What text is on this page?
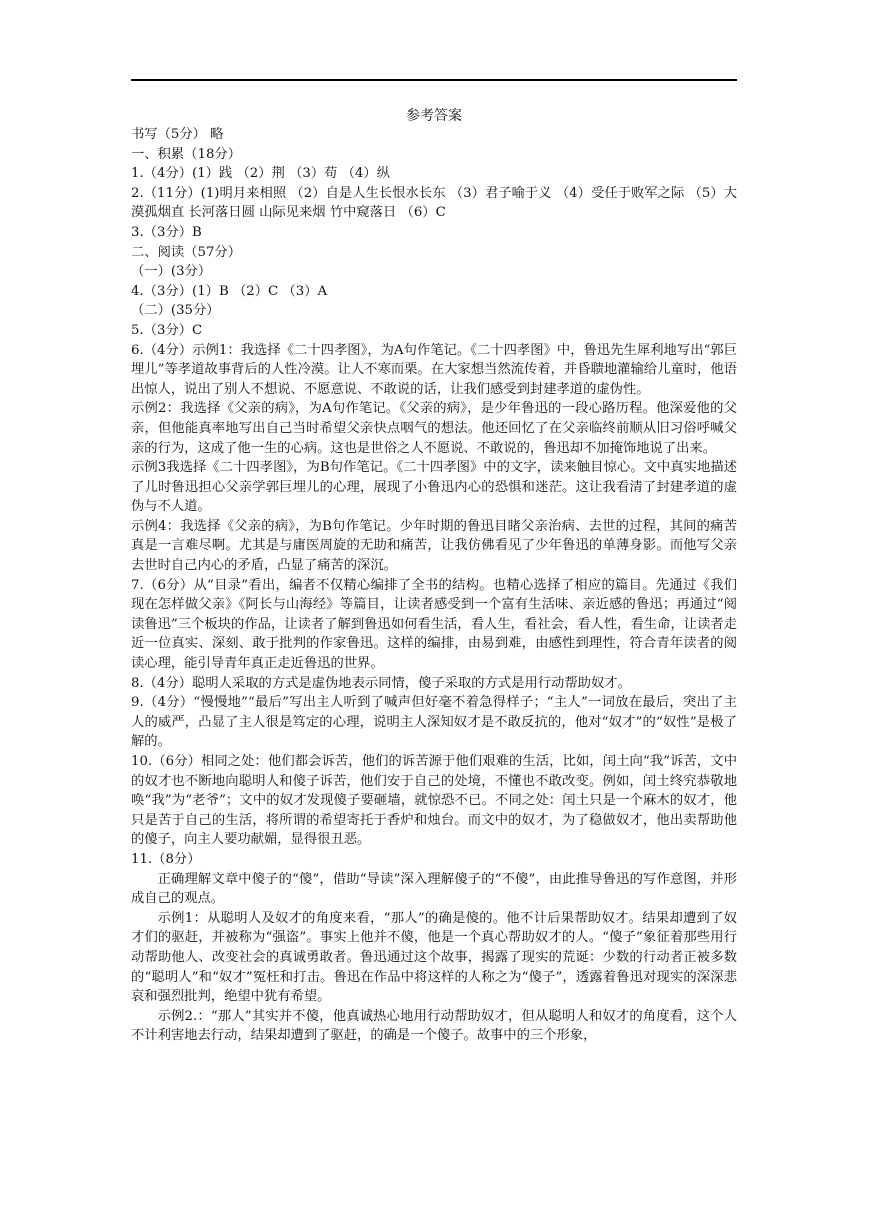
参考答案
书写（5分） 略
一、积累（18分）
1.（4分）(1）践 （2）荆 （3）苟 （4）纵
2.（11分）(1)明月来相照 （2）自是人生长恨水长东 （3）君子喻于义 （4）受任于败军之际 （5）大漠孤烟直 长河落日圆 山际见来烟 竹中窥落日 （6）C
3.（3分）B
二、阅读（57分）
（一）(3分）
4.（3分）(1）B （2）C （3）A
（二）(35分）
5.（3分）C
6.（4分）示例1：我选择《二十四孝图》，为A句作笔记。《二十四孝图》中，鲁迅先生犀利地写出“郭巨埋儿”等孝道故事背后的人性冷漠。让人不寒而栗。在大家想当然流传着，并昏聩地灌输给儿童时，他语出惊人，说出了别人不想说、不愿意说、不敢说的话，让我们感受到封建孝道的虚伪性。
示例2：我选择《父亲的病》，为A句作笔记。《父亲的病》，是少年鲁迅的一段心路历程。他深爱他的父亲，但他能真率地写出自己当时希望父亲快点咽气的想法。他还回忆了在父亲临终前顺从旧习俗呼喊父亲的行为，这成了他一生的心病。这也是世俗之人不愿说、不敢说的，鲁迅却不加掩饰地说了出来。
示例3我选择《二十四孝图》，为B句作笔记。《二十四孝图》中的文字，读来触目惊心。文中真实地描述了儿时鲁迅担心父亲学郭巨埋儿的心理，展现了小鲁迅内心的恐惧和迷茫。这让我看清了封建孝道的虚伪与不人道。
示例4：我选择《父亲的病》，为B句作笔记。少年时期的鲁迅目睹父亲治病、去世的过程，其间的痛苦真是一言难尽啊。尤其是与庸医周旋的无助和痛苦，让我仿佛看见了少年鲁迅的单薄身影。而他写父亲去世时自己内心的矛盾，凸显了痛苦的深沉。
7.（6分）从“目录”看出，编者不仅精心编排了全书的结构。也精心选择了相应的篇目。先通过《我们现在怎样做父亲》《阿长与山海经》等篇目，让读者感受到一个富有生活味、亲近感的鲁迅；再通过“阅读鲁迅”三个板块的作品，让读者了解到鲁迅如何看生活，看人生，看社会，看人性，看生命，让读者走近一位真实、深刻、敢于批判的作家鲁迅。这样的编排，由易到难，由感性到理性，符合青年读者的阅读心理，能引导青年真正走近鲁迅的世界。
8.（4分）聪明人采取的方式是虚伪地表示同情，傻子采取的方式是用行动帮助奴才。
9.（4分）“慢慢地”“最后”写出主人听到了喊声但好毫不着急得样子；“主人”一词放在最后，突出了主人的威严，凸显了主人很是笃定的心理，说明主人深知奴才是不敢反抗的，他对“奴才”的“奴性”是极了解的。
10.（6分）相同之处：他们都会诉苦，他们的诉苦源于他们艰难的生活，比如，闰土向“我”诉苦，文中的奴才也不断地向聪明人和傻子诉苦，他们安于自己的处境，不懂也不敢改变。例如，闰土终究恭敬地唤“我”为“老爷”；文中的奴才发现傻子要砸墙，就惊恐不已。不同之处：闰土只是一个麻木的奴才，他只是苦于自己的生活，将所谓的希望寄托于香炉和烛台。而文中的奴才，为了稳做奴才，他出卖帮助他的傻子，向主人要功献媚，显得很丑恶。
11.（8分）
正确理解文章中傻子的“傻”，借助“导读”深入理解傻子的“不傻”，由此推导鲁迅的写作意图，并形成自己的观点。
示例1：从聪明人及奴才的角度来看，“那人”的确是傻的。他不计后果帮助奴才。结果却遭到了奴才们的驱赶，并被称为“强盗”。事实上他并不傻，他是一个真心帮助奴才的人。“傻子”象征着那些用行动帮助他人、改变社会的真诚勇敢者。鲁迅通过这个故事，揭露了现实的荒诞：少数的行动者正被多数的“聪明人”和“奴才”冤枉和打击。鲁迅在作品中将这样的人称之为“傻子”，透露着鲁迅对现实的深深悲哀和强烈批判，绝望中犹有希望。
示例2.：“那人”其实并不傻，他真诚热心地用行动帮助奴才，但从聪明人和奴才的角度看，这个人不计利害地去行动，结果却遭到了驱赶，的确是一个傻子。故事中的三个形象，
